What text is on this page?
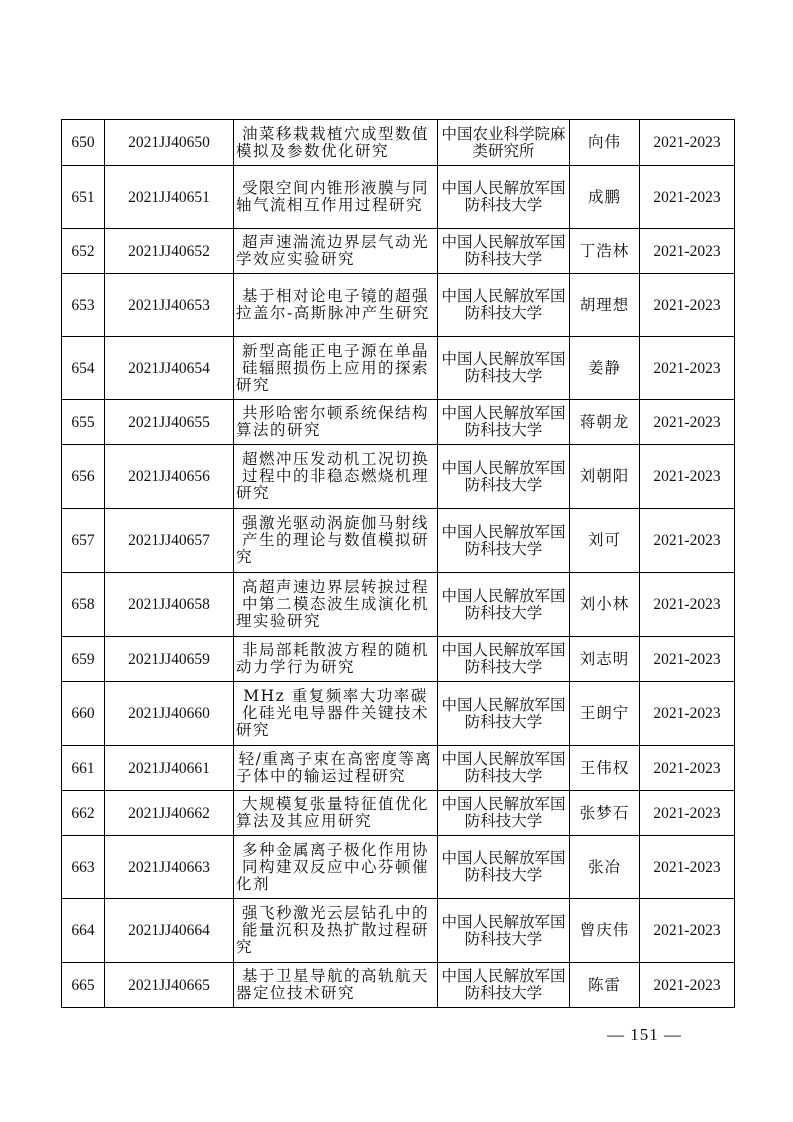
650	2021JJ40650	油菜移栽栽植穴成型数值模拟及参数优化研究	中国农业科学院麻类研究所	向伟	2021-2023
651	2021JJ40651	受限空间内锥形液膜与同轴气流相互作用过程研究	中国人民解放军国防科技大学	成鹏	2021-2023
652	2021JJ40652	超声速湍流边界层气动光学效应实验研究	中国人民解放军国防科技大学	丁浩林	2021-2023
653	2021JJ40653	基于相对论电子镜的超强拉盖尔-高斯脉冲产生研究	中国人民解放军国防科技大学	胡理想	2021-2023
654	2021JJ40654	新型高能正电子源在单晶硅辐照损伤上应用的探索研究	中国人民解放军国防科技大学	姜静	2021-2023
655	2021JJ40655	共形哈密尔顿系统保结构算法的研究	中国人民解放军国防科技大学	蒋朝龙	2021-2023
656	2021JJ40656	超燃冲压发动机工况切换过程中的非稳态燃烧机理研究	中国人民解放军国防科技大学	刘朝阳	2021-2023
657	2021JJ40657	强激光驱动涡旋伽马射线产生的理论与数值模拟研究	中国人民解放军国防科技大学	刘可	2021-2023
658	2021JJ40658	高超声速边界层转捩过程中第二模态波生成演化机理实验研究	中国人民解放军国防科技大学	刘小林	2021-2023
659	2021JJ40659	非局部耗散波方程的随机动力学行为研究	中国人民解放军国防科技大学	刘志明	2021-2023
660	2021JJ40660	MHz 重复频率大功率碳化硅光电导器件关键技术研究	中国人民解放军国防科技大学	王朗宁	2021-2023
661	2021JJ40661	轻/重离子束在高密度等离子体中的输运过程研究	中国人民解放军国防科技大学	王伟权	2021-2023
662	2021JJ40662	大规模复张量特征值优化算法及其应用研究	中国人民解放军国防科技大学	张梦石	2021-2023
663	2021JJ40663	多种金属离子极化作用协同构建双反应中心芬顿催化剂	中国人民解放军国防科技大学	张冶	2021-2023
664	2021JJ40664	强飞秒激光云层钻孔中的能量沉积及热扩散过程研究	中国人民解放军国防科技大学	曾庆伟	2021-2023
665	2021JJ40665	基于卫星导航的高轨航天器定位技术研究	中国人民解放军国防科技大学	陈雷	2021-2023
— 151 —
